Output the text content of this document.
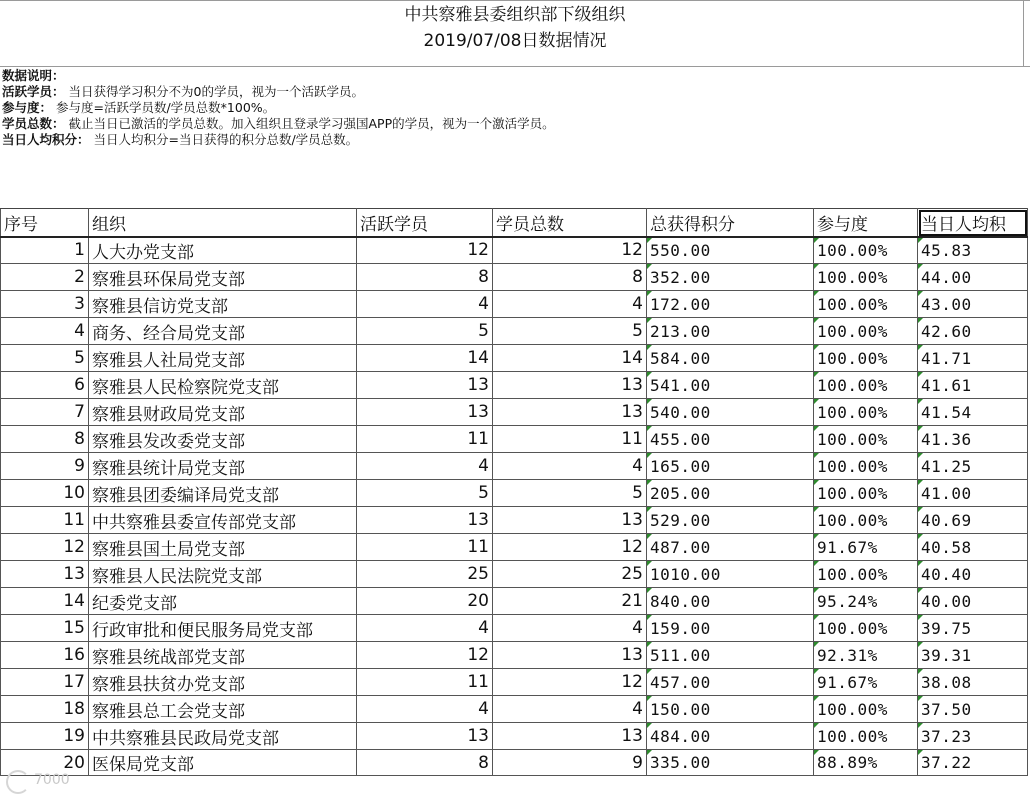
中共察雅县委组织部下级组织
2019/07/08日数据情况
数据说明：
活跃学员： 当日获得学习积分不为0的学员，视为一个活跃学员。
参与度： 参与度=活跃学员数/学员总数*100%。
学员总数： 截止当日已激活的学员总数。加入组织且登录学习强国APP的学员，视为一个激活学员。
当日人均积分： 当日人均积分=当日获得的积分总数/学员总数。
序号	组织	活跃学员	学员总数	总获得积分	参与度	当日人均积
1	人大办党支部	12	12	550.00	100.00%	45.83
2	察雅县环保局党支部	8	8	352.00	100.00%	44.00
3	察雅县信访党支部	4	4	172.00	100.00%	43.00
4	商务、经合局党支部	5	5	213.00	100.00%	42.60
5	察雅县人社局党支部	14	14	584.00	100.00%	41.71
6	察雅县人民检察院党支部	13	13	541.00	100.00%	41.61
7	察雅县财政局党支部	13	13	540.00	100.00%	41.54
8	察雅县发改委党支部	11	11	455.00	100.00%	41.36
9	察雅县统计局党支部	4	4	165.00	100.00%	41.25
10	察雅县团委编译局党支部	5	5	205.00	100.00%	41.00
11	中共察雅县委宣传部党支部	13	13	529.00	100.00%	40.69
12	察雅县国土局党支部	11	12	487.00	91.67%	40.58
13	察雅县人民法院党支部	25	25	1010.00	100.00%	40.40
14	纪委党支部	20	21	840.00	95.24%	40.00
15	行政审批和便民服务局党支部	4	4	159.00	100.00%	39.75
16	察雅县统战部党支部	12	13	511.00	92.31%	39.31
17	察雅县扶贫办党支部	11	12	457.00	91.67%	38.08
18	察雅县总工会党支部	4	4	150.00	100.00%	37.50
19	中共察雅县民政局党支部	13	13	484.00	100.00%	37.23
20	医保局党支部	8	9	335.00	88.89%	37.22
7000
